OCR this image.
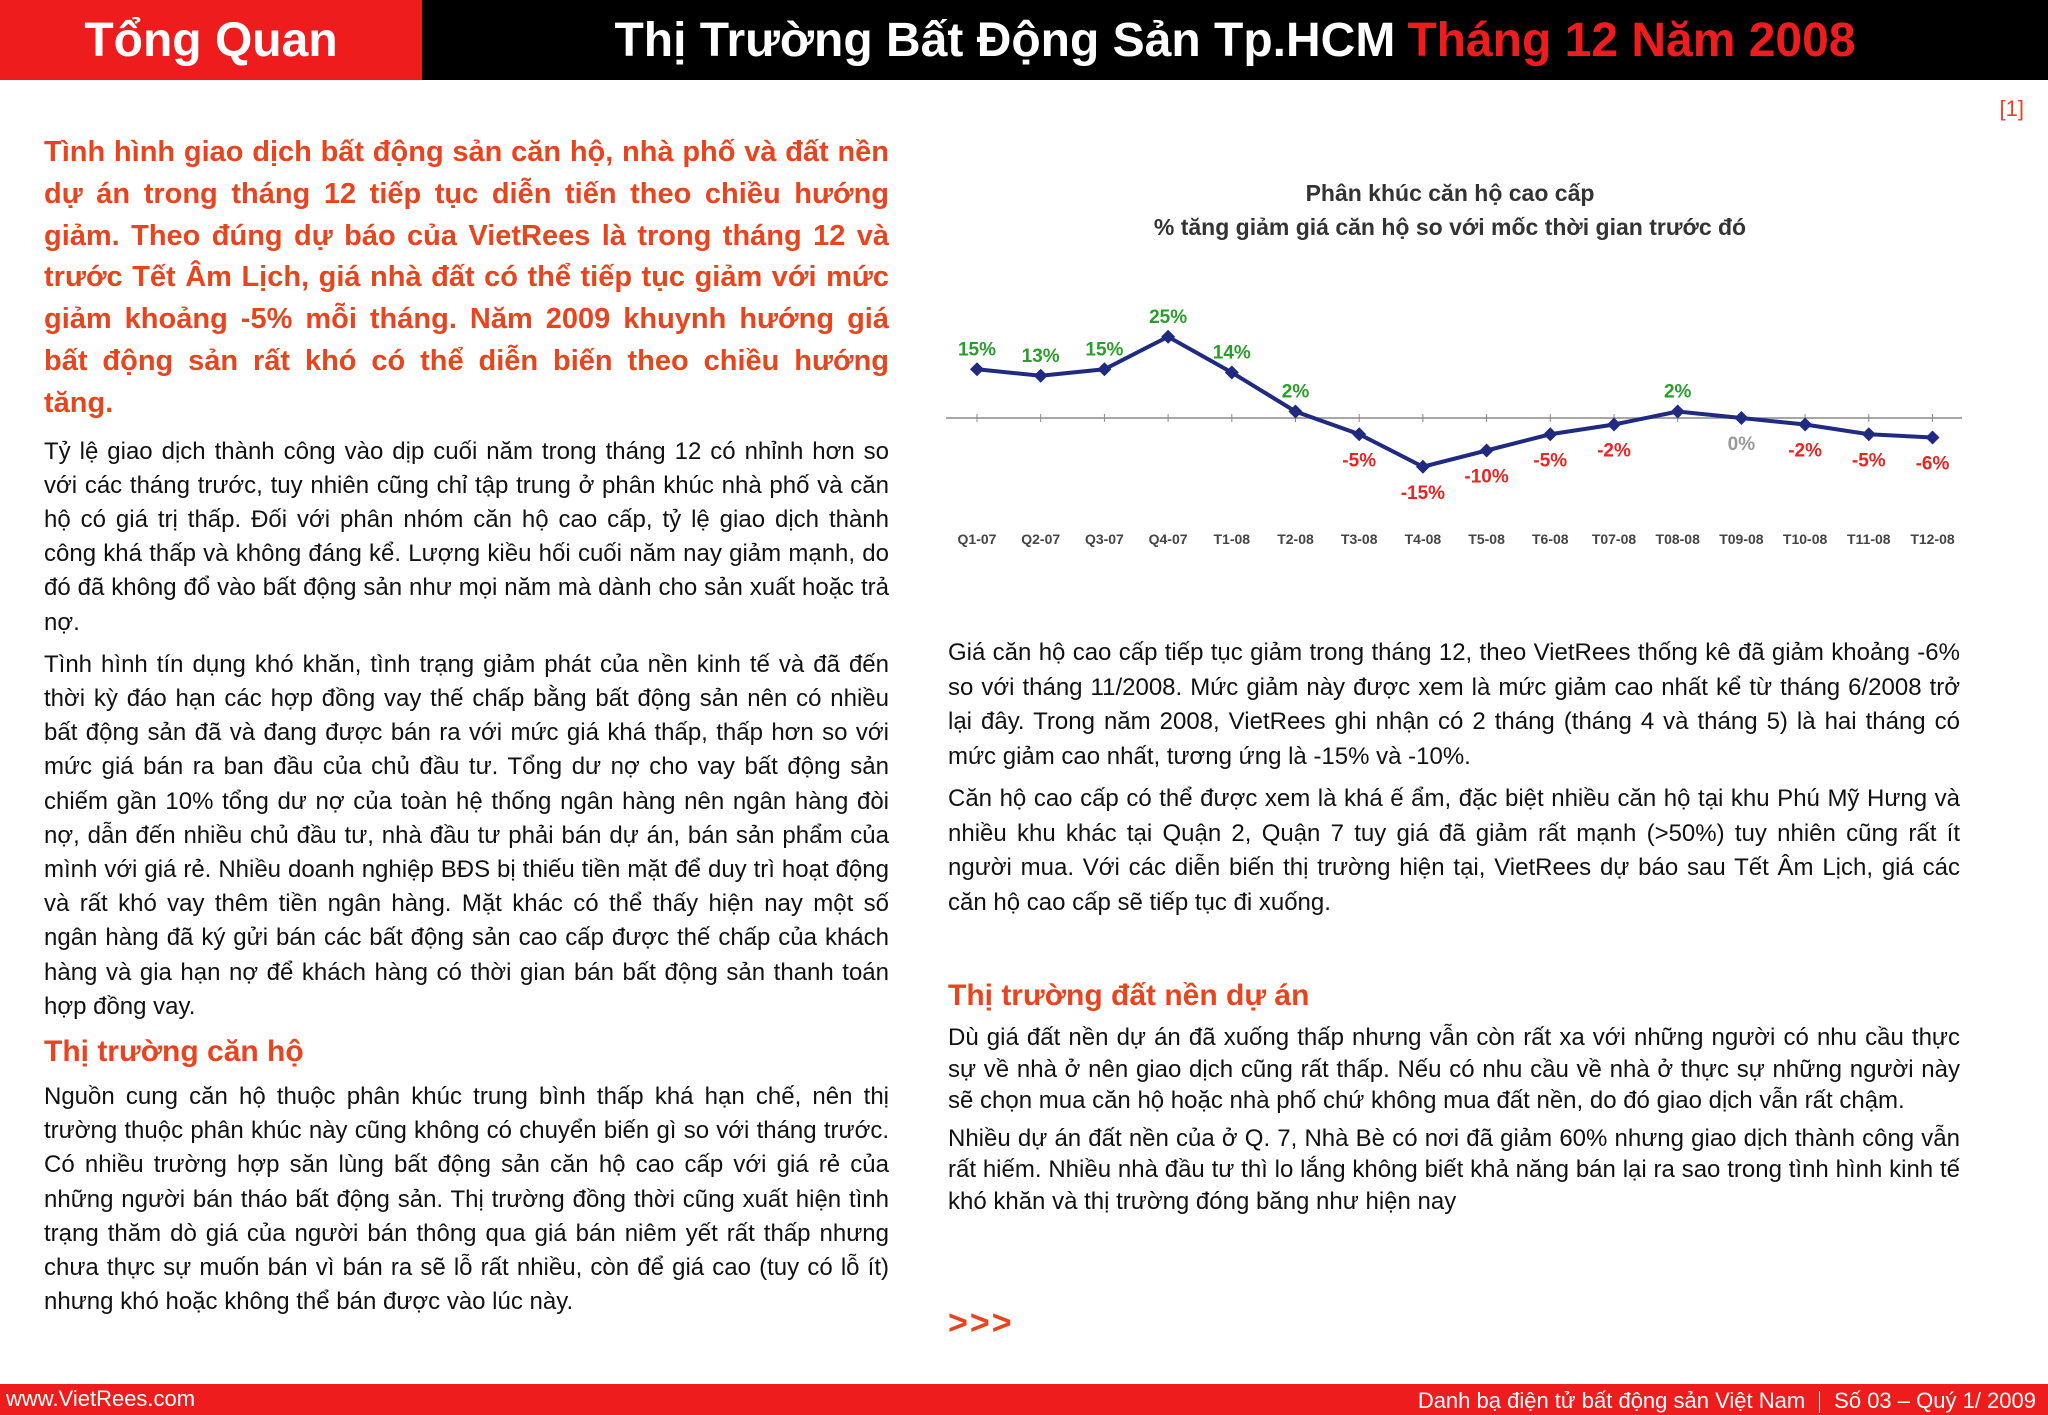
Tổng Quan	Thị Trường Bất Động Sản Tp.HCM Tháng 12 Năm 2008
[1]

Tình hình giao dịch bất động sản căn hộ, nhà phố và đất nền dự án trong tháng 12 tiếp tục diễn tiến theo chiều hướng giảm. Theo đúng dự báo của VietRees là trong tháng 12 và trước Tết Âm Lịch, giá nhà đất có thể tiếp tục giảm với mức giảm khoảng -5% mỗi tháng. Năm 2009 khuynh hướng giá bất động sản rất khó có thể diễn biến theo chiều hướng tăng.

Tỷ lệ giao dịch thành công vào dịp cuối năm trong tháng 12 có nhỉnh hơn so với các tháng trước, tuy nhiên cũng chỉ tập trung ở phân khúc nhà phố và căn hộ có giá trị thấp. Đối với phân nhóm căn hộ cao cấp, tỷ lệ giao dịch thành công khá thấp và không đáng kể. Lượng kiều hối cuối năm nay giảm mạnh, do đó đã không đổ vào bất động sản như mọi năm mà dành cho sản xuất hoặc trả nợ.

Tình hình tín dụng khó khăn, tình trạng giảm phát của nền kinh tế và đã đến thời kỳ đáo hạn các hợp đồng vay thế chấp bằng bất động sản nên có nhiều bất động sản đã và đang được bán ra với mức giá khá thấp, thấp hơn so với mức giá bán ra ban đầu của chủ đầu tư. Tổng dư nợ cho vay bất động sản chiếm gần 10% tổng dư nợ của toàn hệ thống ngân hàng nên ngân hàng đòi nợ, dẫn đến nhiều chủ đầu tư, nhà đầu tư phải bán dự án, bán sản phẩm của mình với giá rẻ. Nhiều doanh nghiệp BĐS bị thiếu tiền mặt để duy trì hoạt động và rất khó vay thêm tiền ngân hàng. Mặt khác có thể thấy hiện nay một số ngân hàng đã ký gửi bán các bất động sản cao cấp được thế chấp của khách hàng và gia hạn nợ để khách hàng có thời gian bán bất động sản thanh toán hợp đồng vay.

Thị trường căn hộ

Nguồn cung căn hộ thuộc phân khúc trung bình thấp khá hạn chế, nên thị trường thuộc phân khúc này cũng không có chuyển biến gì so với tháng trước. Có nhiều trường hợp săn lùng bất động sản căn hộ cao cấp với giá rẻ của những người bán tháo bất động sản. Thị trường đồng thời cũng xuất hiện tình trạng thăm dò giá của người bán thông qua giá bán niêm yết rất thấp nhưng chưa thực sự muốn bán vì bán ra sẽ lỗ rất nhiều, còn để giá cao (tuy có lỗ ít) nhưng khó hoặc không thể bán được vào lúc này.

Phân khúc căn hộ cao cấp
% tăng giảm giá căn hộ so với mốc thời gian trước đó
15%
Q1-07
13%
Q2-07
15%
Q3-07
25%
Q4-07
14%
T1-08
2%
T2-08
-5%
T3-08
-15%
T4-08
-10%
T5-08
-5%
T6-08
-2%
T07-08
2%
T08-08
0%
T09-08
-2%
T10-08
-5%
T11-08
-6%
T12-08

Giá căn hộ cao cấp tiếp tục giảm trong tháng 12, theo VietRees thống kê đã giảm khoảng -6% so với tháng 11/2008. Mức giảm này được xem là mức giảm cao nhất kể từ tháng 6/2008 trở lại đây. Trong năm 2008, VietRees ghi nhận có 2 tháng (tháng 4 và tháng 5) là hai tháng có mức giảm cao nhất, tương ứng là -15% và -10%.

Căn hộ cao cấp có thể được xem là khá ế ẩm, đặc biệt nhiều căn hộ tại khu Phú Mỹ Hưng và nhiều khu khác tại Quận 2, Quận 7 tuy giá đã giảm rất mạnh (>50%) tuy nhiên cũng rất ít người mua. Với các diễn biến thị trường hiện tại, VietRees dự báo sau Tết Âm Lịch, giá các căn hộ cao cấp sẽ tiếp tục đi xuống.

Thị trường đất nền dự án

Dù giá đất nền dự án đã xuống thấp nhưng vẫn còn rất xa với những người có nhu cầu thực sự về nhà ở nên giao dịch cũng rất thấp. Nếu có nhu cầu về nhà ở thực sự những người này sẽ chọn mua căn hộ hoặc nhà phố chứ không mua đất nền, do đó giao dịch vẫn rất chậm.

Nhiều dự án đất nền của ở Q. 7, Nhà Bè có nơi đã giảm 60% nhưng giao dịch thành công vẫn rất hiếm. Nhiều nhà đầu tư thì lo lắng không biết khả năng bán lại ra sao trong tình hình kinh tế khó khăn và thị trường đóng băng như hiện nay

>>>
www.VietRees.com	Danh bạ điện tử bất động sản Việt Nam Số 03 – Quý 1/ 2009
